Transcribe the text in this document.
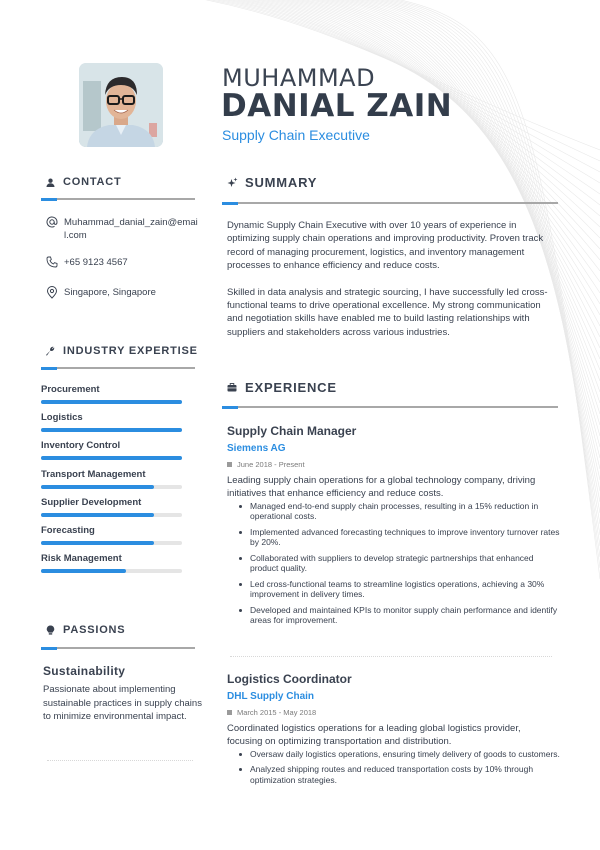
MUHAMMAD
DANIAL ZAIN
Supply Chain Executive
CONTACT
Muhammad_danial_zain@emai
l.com
+65 9123 4567
Singapore, Singapore
INDUSTRY EXPERTISE
Procurement
Logistics
Inventory Control
Transport Management
Supplier Development
Forecasting
Risk Management
PASSIONS
Sustainability
Passionate about implementing sustainable practices in supply chains to minimize environmental impact.
SUMMARY

Dynamic Supply Chain Executive with over 10 years of experience in optimizing supply chain operations and improving productivity. Proven track record of managing procurement, logistics, and inventory management processes to enhance efficiency and reduce costs.

Skilled in data analysis and strategic sourcing, I have successfully led cross-functional teams to drive operational excellence. My strong communication and negotiation skills have enabled me to build lasting relationships with suppliers and stakeholders across various industries.

EXPERIENCE
Supply Chain Manager
Siemens AG
June 2018 - Present
Leading supply chain operations for a global technology company, driving initiatives that enhance efficiency and reduce costs.
Managed end-to-end supply chain processes, resulting in a 15% reduction in operational costs.
Implemented advanced forecasting techniques to improve inventory turnover rates by 20%.
Collaborated with suppliers to develop strategic partnerships that enhanced product quality.
Led cross-functional teams to streamline logistics operations, achieving a 30% improvement in delivery times.
Developed and maintained KPIs to monitor supply chain performance and identify areas for improvement.
Logistics Coordinator
DHL Supply Chain
March 2015 - May 2018
Coordinated logistics operations for a leading global logistics provider, focusing on optimizing transportation and distribution.
Oversaw daily logistics operations, ensuring timely delivery of goods to customers.
Analyzed shipping routes and reduced transportation costs by 10% through optimization strategies.
